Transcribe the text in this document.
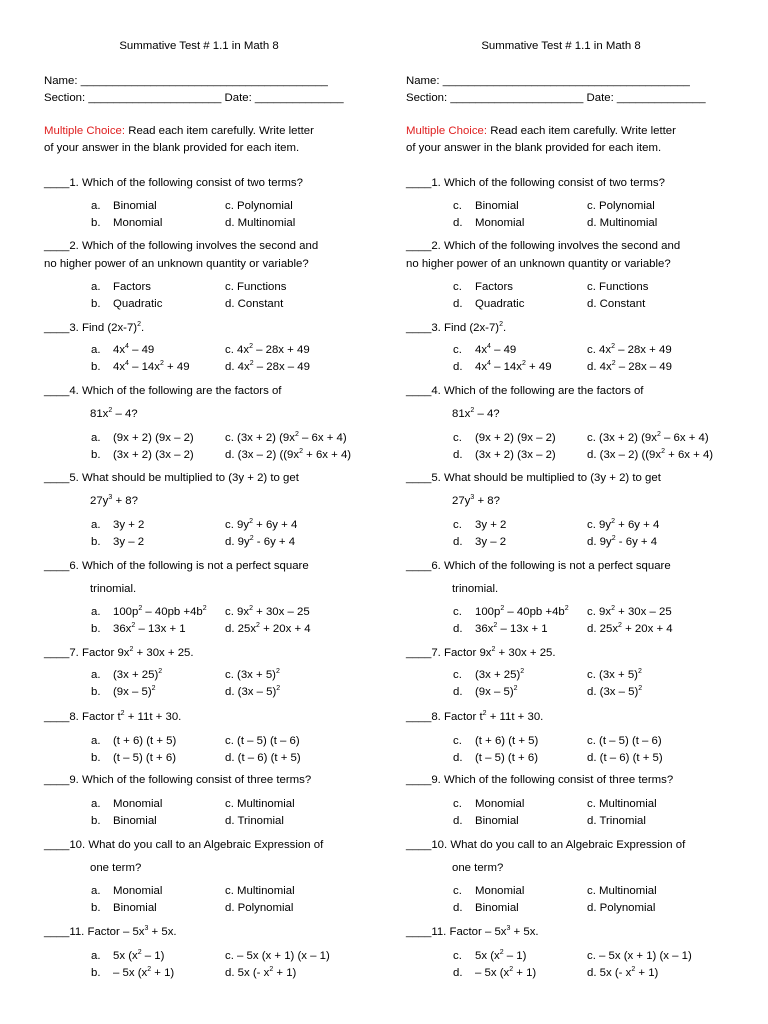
Summative Test # 1.1 in Math 8
Name: _______________________________________
Section: _____________________ Date: ______________
Multiple Choice: Read each item carefully. Write letter
of your answer in the blank provided for each item.
____1. Which of the following consist of two terms?
a. Binomial	c. Polynomial
b. Monomial	d. Multinomial
____2. Which of the following involves the second and
no higher power of an unknown quantity or variable?
a. Factors	c. Functions
b. Quadratic	d. Constant
____3. Find $(2x-7)^2$.
a. $4x^4 - 49$	c. $4x^2 - 28x + 49$
b. $4x^4 - 14x^2 + 49$	d. $4x^2 - 28x - 49$
____4. Which of the following are the factors of
$81x^2 - 4$?
a. (9x + 2) (9x – 2)	c. (3x + 2) $(9x^2 - 6x + 4)$
b. (3x + 2) (3x – 2)	d. (3x – 2) ($(9x^2 + 6x + 4)$
____5. What should be multiplied to (3y + 2) to get
$27y^3 + 8$?
a. 3y + 2	c. $9y^2 + 6y + 4$
b. 3y – 2	d. $9y^2 - 6y + 4$
____6. Which of the following is not a perfect square
trinomial.
a. $100p^2 - 40pb +4b^2$ c. $9x^2 + 30x - 25$
b. $36x^2 - 13x + 1$	d. $25x^2 + 20x + 4$
____7. Factor $9x^2 + 30x + 25$.
a. $(3x + 25)^2$	c. $(3x + 5)^2$
b. (9x – 5)$^2$	d. (3x – 5)$^2$
____8. Factor $t^2 + 11t + 30$.
a. (t + 6) (t + 5)	c. (t – 5) (t – 6)
b. (t – 5) (t + 6)	d. (t – 6) (t + 5)
____9. Which of the following consist of three terms?
a. Monomial	c. Multinomial
b. Binomial	d. Trinomial
____10. What do you call to an Algebraic Expression of
one term?
a. Monomial	c. Multinomial
b. Binomial	d. Polynomial
____11. Factor – $5x^3 + 5x$.
a. 5x $(x^2 - 1)$	c. – 5x (x + 1) (x – 1)
b. – 5x $(x^2 + 1)$	d. 5x (- $x^2 + 1$)
Summative Test # 1.1 in Math 8
Name: _______________________________________
Section: _____________________ Date: ______________
Multiple Choice: Read each item carefully. Write letter
of your answer in the blank provided for each item.
____1. Which of the following consist of two terms?
c. Binomial	c. Polynomial
d. Monomial	d. Multinomial
____2. Which of the following involves the second and
no higher power of an unknown quantity or variable?
c. Factors	c. Functions
d. Quadratic	d. Constant
____3. Find $(2x-7)^2$.
c. $4x^4 - 49$	c. $4x^2 - 28x + 49$
d. $4x^4 - 14x^2 + 49$	d. $4x^2 - 28x - 49$
____4. Which of the following are the factors of
$81x^2 - 4$?
c. (9x + 2) (9x – 2)	c. (3x + 2) $(9x^2 - 6x + 4)$
d. (3x + 2) (3x – 2)	d. (3x – 2) ($(9x^2 + 6x + 4)$
____5. What should be multiplied to (3y + 2) to get
$27y^3 + 8$?
c. 3y + 2	c. $9y^2 + 6y + 4$
d. 3y – 2	d. $9y^2 - 6y + 4$
____6. Which of the following is not a perfect square
trinomial.
c. $100p^2 - 40pb +4b^2$ c. $9x^2 + 30x - 25$
d. $36x^2 - 13x + 1$	d. $25x^2 + 20x + 4$
____7. Factor $9x^2 + 30x + 25$.
c. $(3x + 25)^2$	c. $(3x + 5)^2$
d. (9x – 5)$^2$	d. (3x – 5)$^2$
____8. Factor $t^2 + 11t + 30$.
c. (t + 6) (t + 5)	c. (t – 5) (t – 6)
d. (t – 5) (t + 6)	d. (t – 6) (t + 5)
____9. Which of the following consist of three terms?
c. Monomial	c. Multinomial
d. Binomial	d. Trinomial
____10. What do you call to an Algebraic Expression of
one term?
c. Monomial	c. Multinomial
d. Binomial	d. Polynomial
____11. Factor – $5x^3 + 5x$.
c. 5x $(x^2 - 1)$	c. – 5x (x + 1) (x – 1)
d. – 5x $(x^2 + 1)$	d. 5x (- $x^2 + 1$)
